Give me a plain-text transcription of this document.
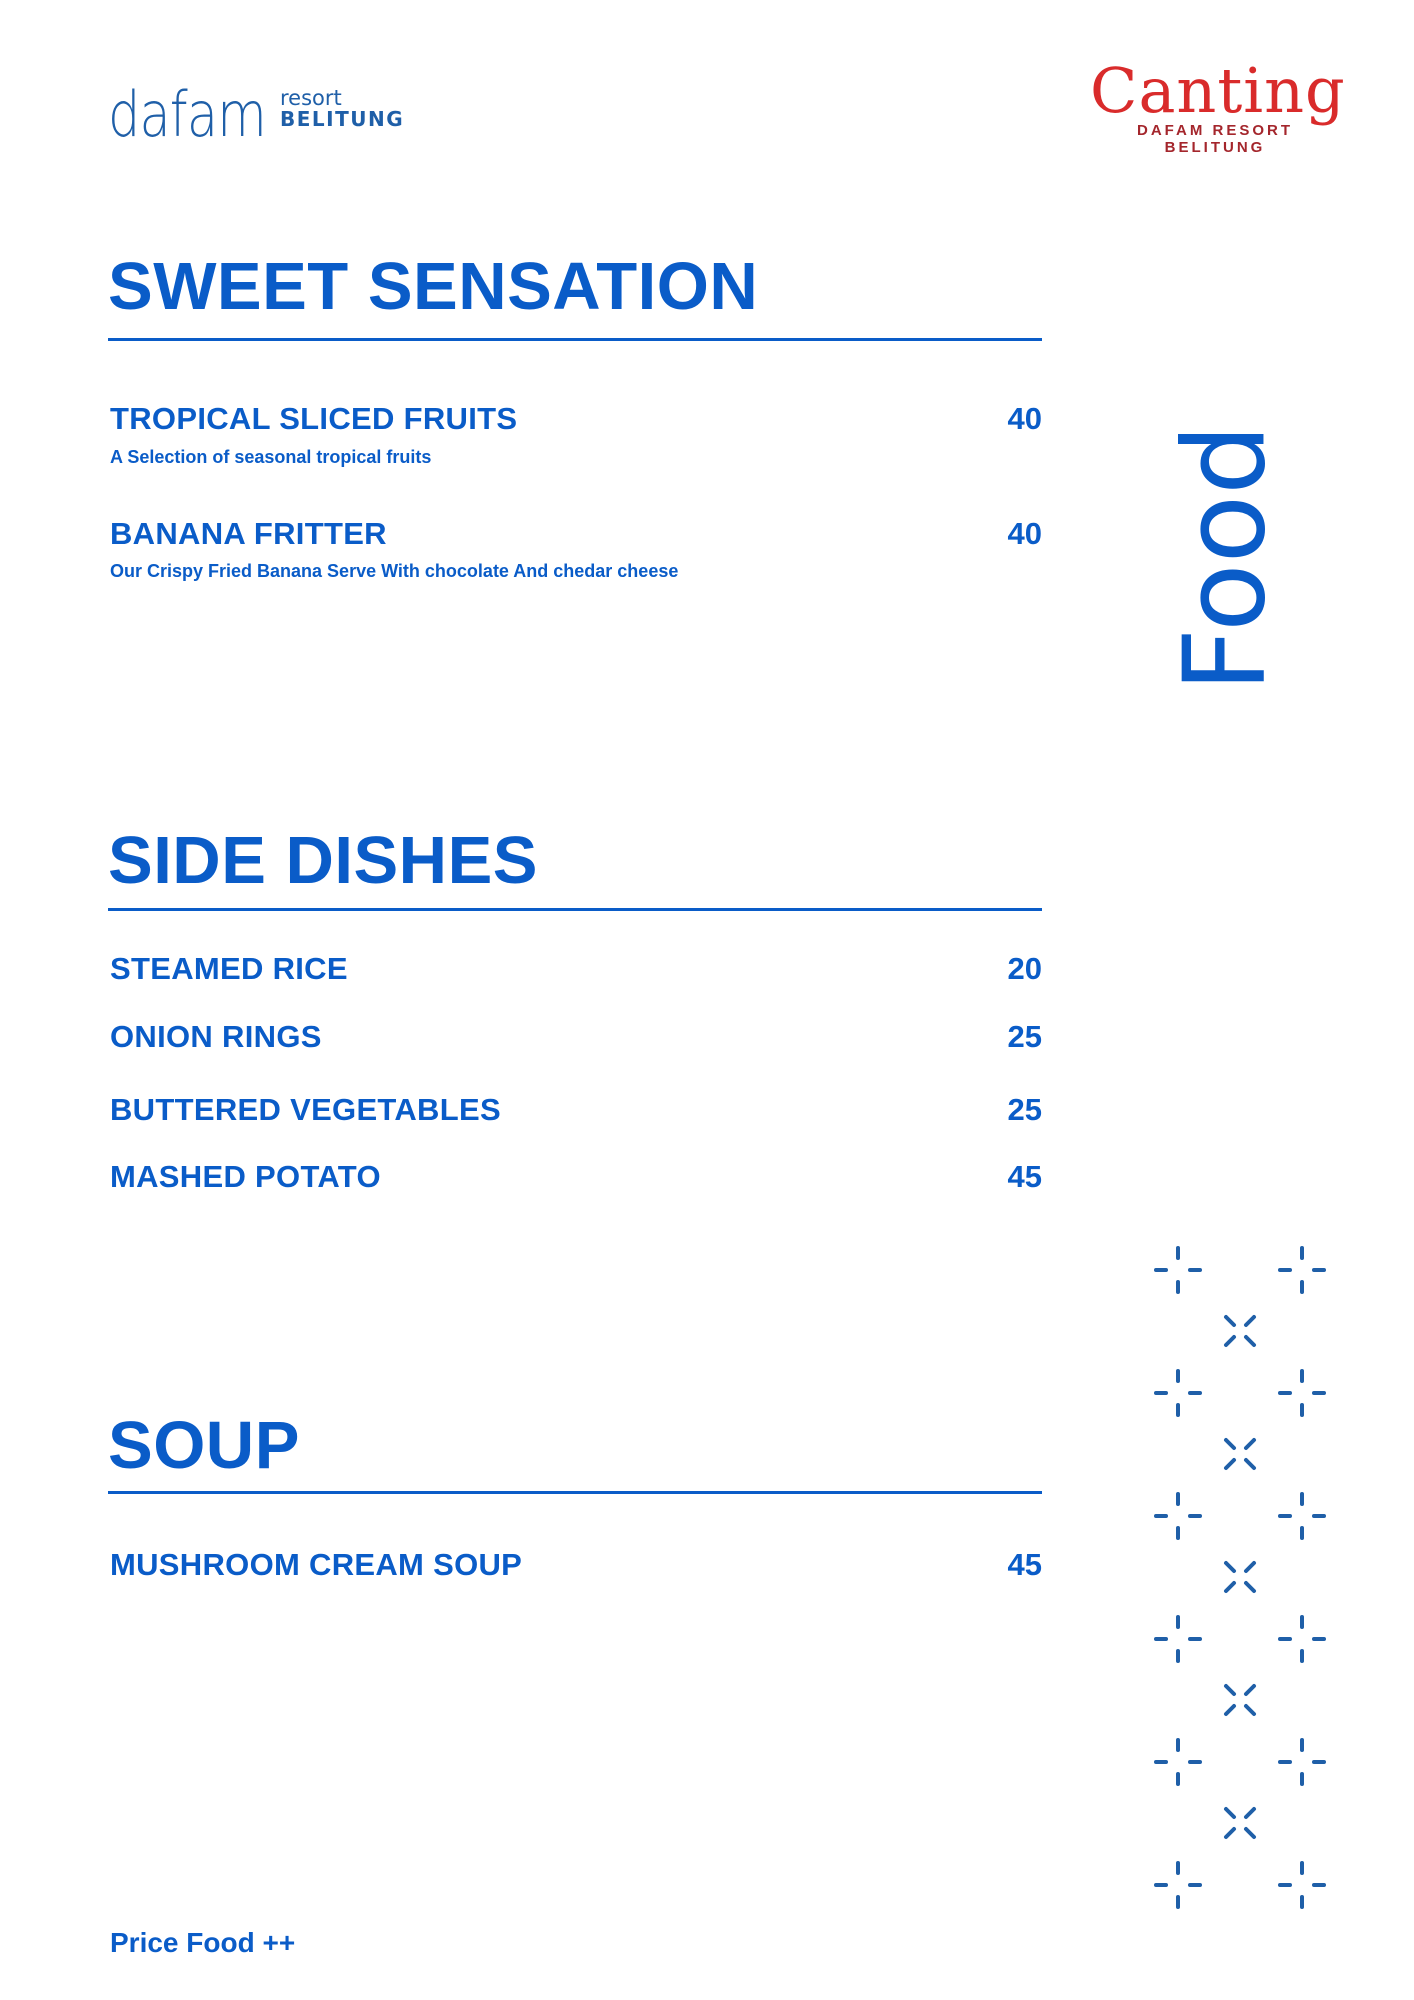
dafam resort
BELITUNG	Canting
DAFAM RESORT
BELITUNG
SWEET SENSATION
TROPICAL SLICED FRUITS	40
A Selection of seasonal tropical fruits
BANANA FRITTER	40
Our Crispy Fried Banana Serve With chocolate And chedar cheese
SIDE DISHES
STEAMED RICE	20
ONION RINGS	25
BUTTERED VEGETABLES	25
MASHED POTATO	45
SOUP
MUSHROOM CREAM SOUP	45
Food
Price Food ++
